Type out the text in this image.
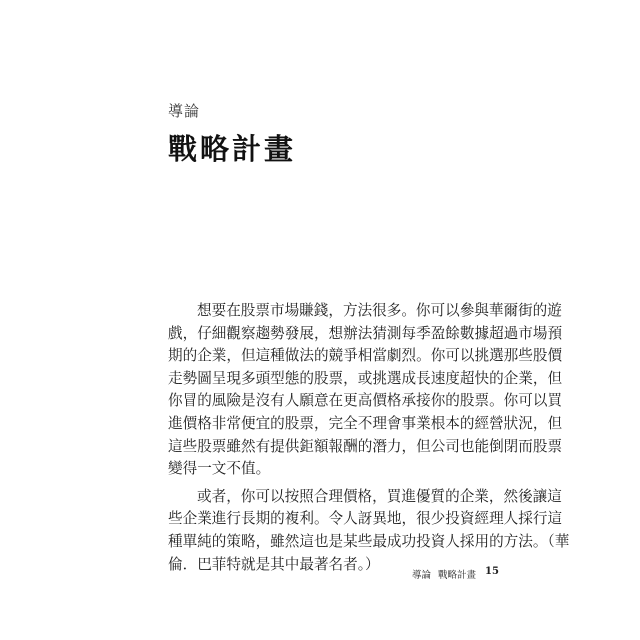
導論
戰略計畫
想要在股票市場賺錢，方法很多。你可以參與華爾街的遊
戲，仔細觀察趨勢發展，想辦法猜測每季盈餘數據超過市場預
期的企業，但這種做法的競爭相當劇烈。你可以挑選那些股價
走勢圖呈現多頭型態的股票，或挑選成長速度超快的企業，但
你冒的風險是沒有人願意在更高價格承接你的股票。你可以買
進價格非常便宜的股票，完全不理會事業根本的經營狀況，但
這些股票雖然有提供鉅額報酬的潛力，但公司也能倒閉而股票
變得一文不值。
或者，你可以按照合理價格，買進優質的企業，然後讓這
些企業進行長期的複利。令人訝異地，很少投資經理人採行這
種單純的策略，雖然這也是某些最成功投資人採用的方法。（華
倫．巴菲特就是其中最著名者。）
導論 戰略計畫 15
